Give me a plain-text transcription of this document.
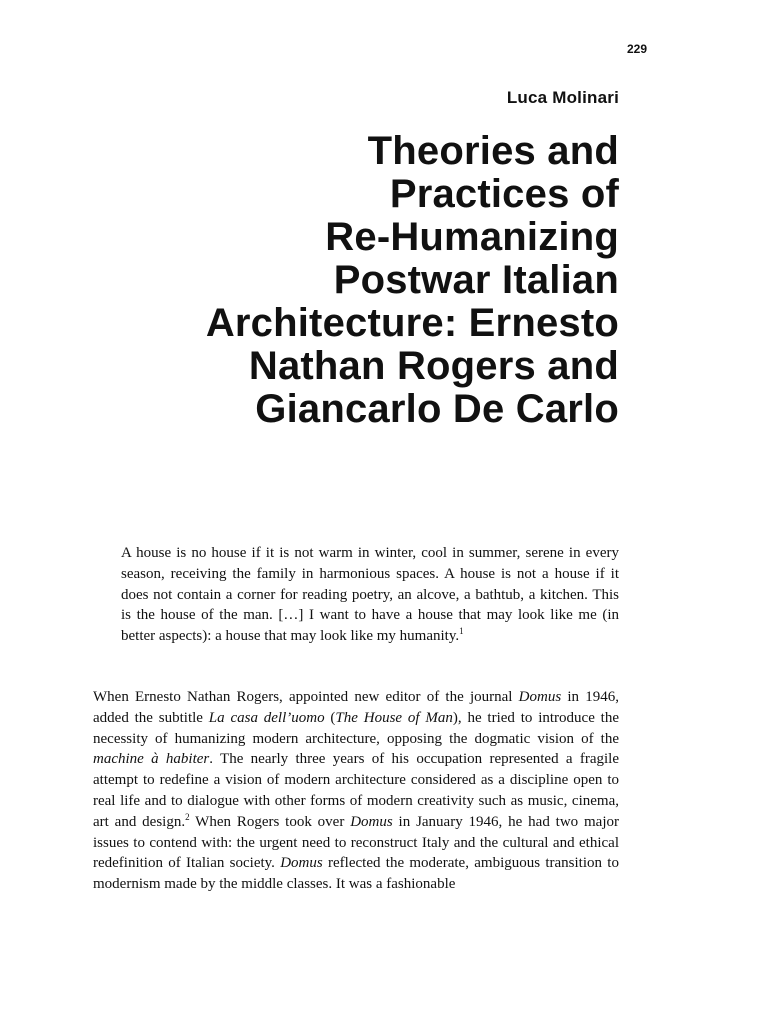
229
Luca Molinari
Theories and
Practices of
Re-Humanizing
Postwar Italian
Architecture: Ernesto
Nathan Rogers and
Giancarlo De Carlo

A house is no house if it is not warm in winter, cool in summer, serene in every season, receiving the family in harmonious spaces. A house is not a house if it does not contain a corner for reading poetry, an alcove, a bathtub, a kitchen. This is the house of the man. […] I want to have a house that may look like me (in better aspects): a house that may look like my humanity.$^1$

When Ernesto Nathan Rogers, appointed new editor of the journal Domus in 1946, added the subtitle La casa dell’uomo (The House of Man), he tried to introduce the necessity of humanizing modern architecture, opposing the dogmatic vision of the machine à habiter. The nearly three years of his occupation represented a fragile attempt to redefine a vision of modern architecture considered as a discipline open to real life and to dialogue with other forms of modern creativity such as music, cinema, art and design.$^2$ When Rogers took over Domus in January 1946, he had two major issues to contend with: the urgent need to reconstruct Italy and the cultural and ethical redefinition of Italian society. Domus reflected the moderate, ambiguous transition to modernism made by the middle classes. It was a fashionable
